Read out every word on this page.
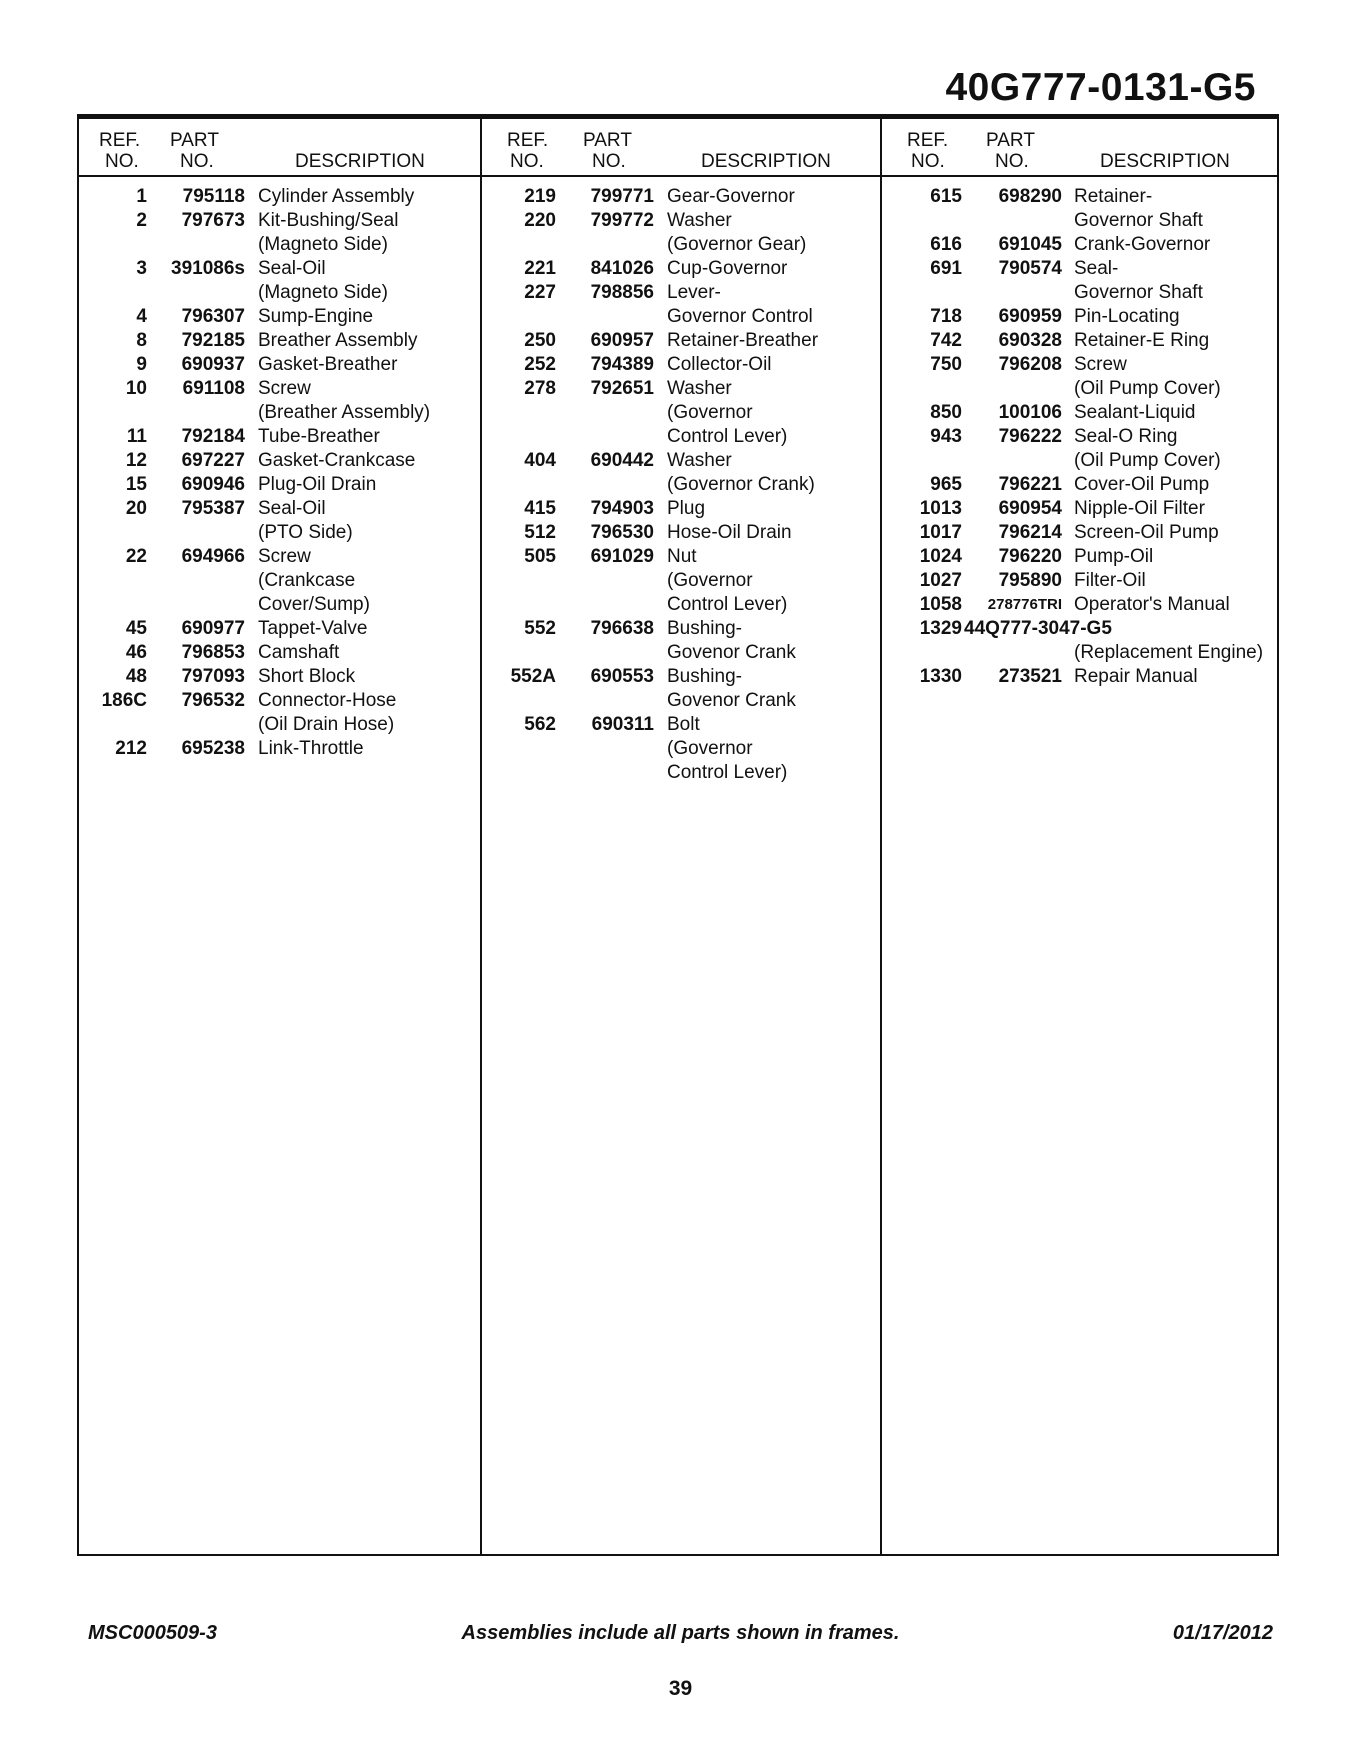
40G777-0131-G5
REF.
NO.
PART
NO.	DESCRIPTION
1	795118 Cylinder Assembly
2	797673 Kit-Bushing/Seal
(Magneto Side)
3	391086s Seal-Oil
(Magneto Side)
4	796307 Sump-Engine
8	792185 Breather Assembly
9	690937 Gasket-Breather
10	691108 Screw
(Breather Assembly)
11	792184 Tube-Breather
12	697227 Gasket-Crankcase
15	690946 Plug-Oil Drain
20	795387 Seal-Oil
(PTO Side)
22	694966 Screw
(Crankcase
Cover/Sump)
45	690977 Tappet-Valve
46	796853 Camshaft
48	797093 Short Block
186C	796532 Connector-Hose
(Oil Drain Hose)
212	695238 Link-Throttle
REF.
NO.
PART
NO.	DESCRIPTION
219	799771 Gear-Governor
220	799772 Washer
(Governor Gear)
221	841026 Cup-Governor
227	798856 Lever-
Governor Control
250	690957 Retainer-Breather
252	794389 Collector-Oil
278	792651 Washer
(Governor
Control Lever)
404	690442 Washer
(Governor Crank)
415	794903 Plug
512	796530 Hose-Oil Drain
505	691029 Nut
(Governor
Control Lever)
552	796638 Bushing-
Govenor Crank
552A	690553 Bushing-
Govenor Crank
562	690311 Bolt
(Governor
Control Lever)
REF.
NO.
PART
NO.	DESCRIPTION
615	698290 Retainer-
Governor Shaft
616	691045 Crank-Governor
691	790574 Seal-
Governor Shaft
718	690959 Pin-Locating
742	690328 Retainer-E Ring
750	796208 Screw
(Oil Pump Cover)
850	100106 Sealant-Liquid
943	796222 Seal-O Ring
(Oil Pump Cover)
965	796221 Cover-Oil Pump
1013	690954 Nipple-Oil Filter
1017	796214 Screen-Oil Pump
1024	796220 Pump-Oil
1027	795890 Filter-Oil
1058	278776TRI Operator's Manual
1329 44Q777-3047-G5

(Replacement Engine)
1330	273521 Repair Manual
MSC000509-3	Assemblies include all parts shown in frames.	01/17/2012
39
